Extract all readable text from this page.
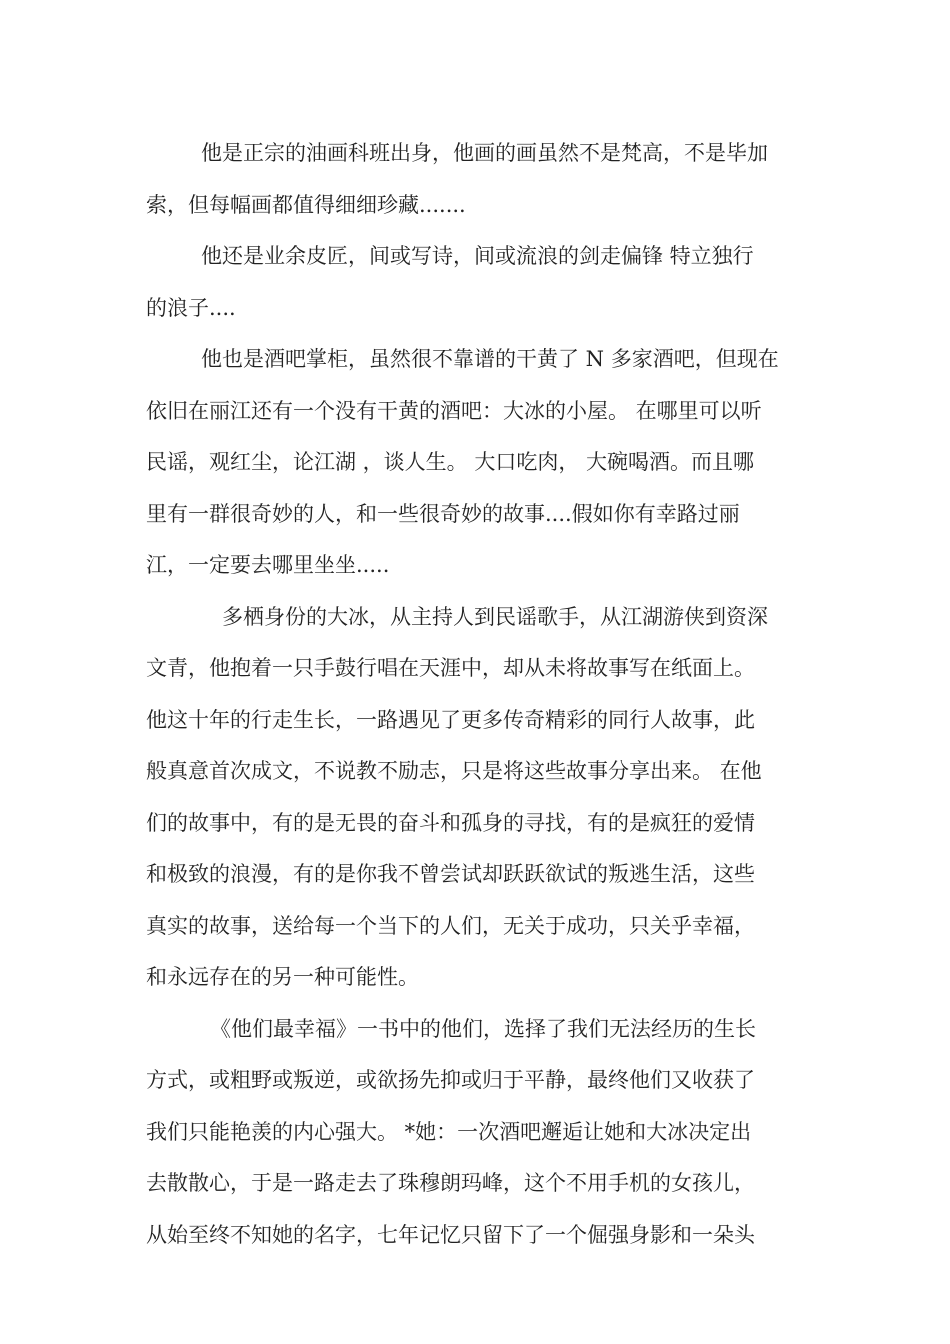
他是正宗的油画科班出身，他画的画虽然不是梵高，不是毕加
索，但每幅画都值得细细珍藏.......
他还是业余皮匠，间或写诗，间或流浪的剑走偏锋 特立独行
的浪子....
他也是酒吧掌柜，虽然很不靠谱的干黄了 N 多家酒吧，但现在
依旧在丽江还有一个没有干黄的酒吧：大冰的小屋。 在哪里可以听
民谣，观红尘，论江湖 ，谈人生。 大口吃肉， 大碗喝酒。而且哪
里有一群很奇妙的人，和一些很奇妙的故事....假如你有幸路过丽
江，一定要去哪里坐坐.....
多栖身份的大冰，从主持人到民谣歌手，从江湖游侠到资深
文青，他抱着一只手鼓行唱在天涯中，却从未将故事写在纸面上。
他这十年的行走生长，一路遇见了更多传奇精彩的同行人故事，此
般真意首次成文，不说教不励志，只是将这些故事分享出来。 在他
们的故事中，有的是无畏的奋斗和孤身的寻找，有的是疯狂的爱情
和极致的浪漫，有的是你我不曾尝试却跃跃欲试的叛逃生活，这些
真实的故事，送给每一个当下的人们，无关于成功，只关乎幸福，
和永远存在的另一种可能性。
《他们最幸福》一书中的他们，选择了我们无法经历的生长
方式，或粗野或叛逆，或欲扬先抑或归于平静，最终他们又收获了
我们只能艳羡的内心强大。 *她：一次酒吧邂逅让她和大冰决定出
去散散心，于是一路走去了珠穆朗玛峰，这个不用手机的女孩儿，
从始至终不知她的名字，七年记忆只留下了一个倔强身影和一朵头
